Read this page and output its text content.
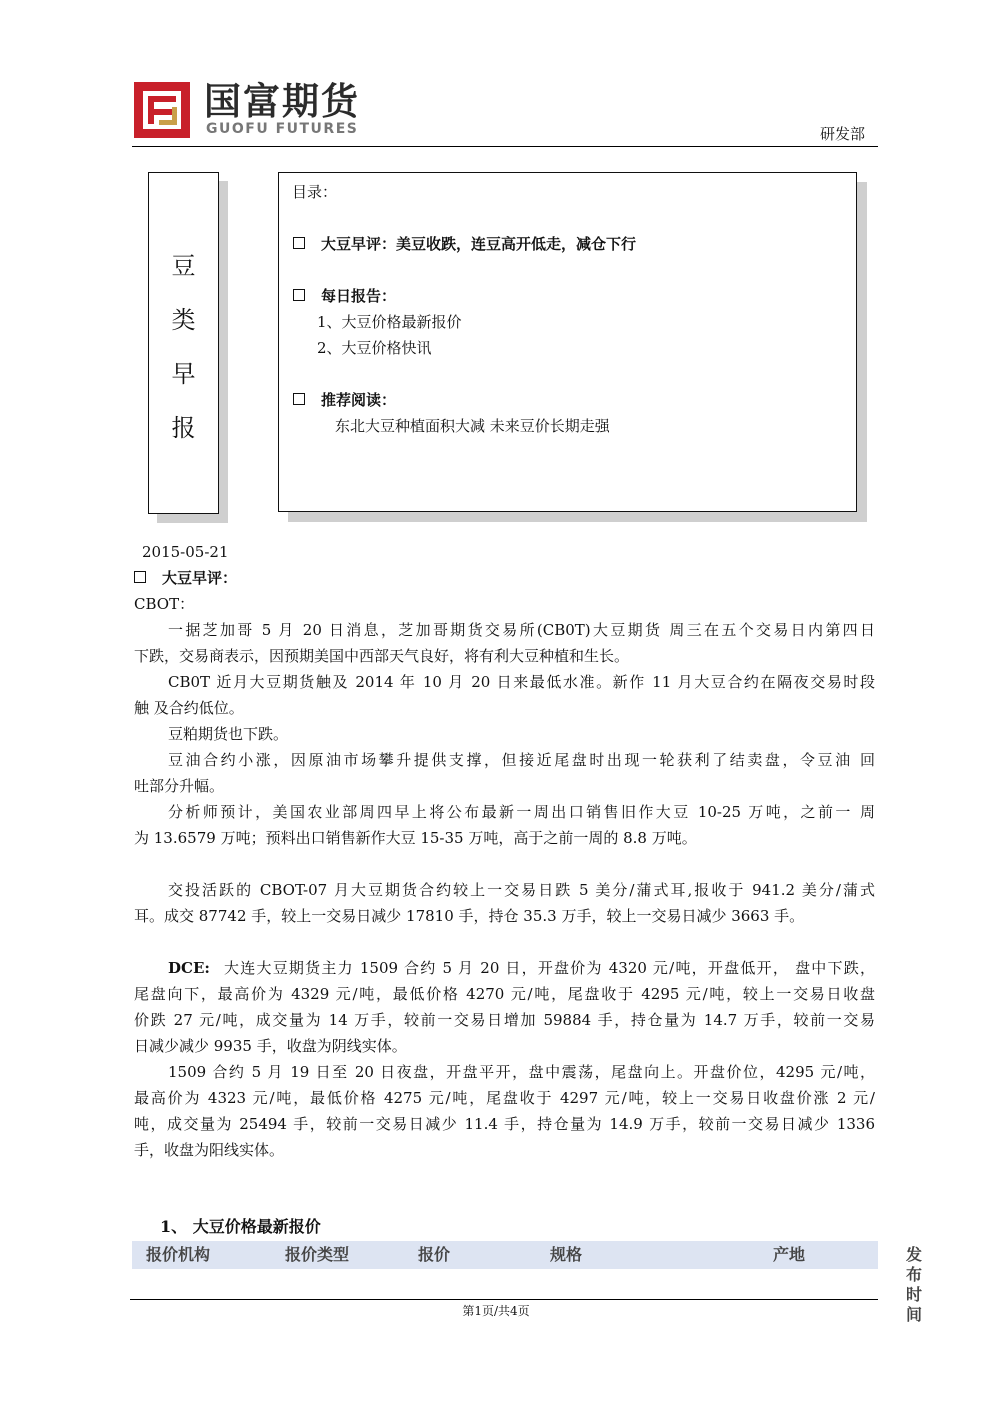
国富期货
GUOFU FUTURES	研发部
豆
类
早
报
目录：
大豆早评：美豆收跌，连豆高开低走，减仓下行
每日报告：
1、大豆价格最新报价
2、大豆价格快讯
推荐阅读：
东北大豆种植面积大减 未来豆价长期走强
2015-05-21
大豆早评：
CBOT：
一据芝加哥 5 月 20 日消息，芝加哥期货交易所(CB0T)大豆期货 周三在五个交易日内第四日
下跌，交易商表示，因预期美国中西部天气良好，将有利大豆种植和生长。
CB0T 近月大豆期货触及 2014 年 10 月 20 日来最低水准。新作 11 月大豆合约在隔夜交易时段
触 及合约低位。
豆粕期货也下跌。
豆油合约小涨，因原油市场攀升提供支撑，但接近尾盘时出现一轮获利了结卖盘，令豆油 回
吐部分升幅。
分析师预计，美国农业部周四早上将公布最新一周出口销售旧作大豆 10-25 万吨，之前一 周
为 13.6579 万吨；预料出口销售新作大豆 15-35 万吨，高于之前一周的 8.8 万吨。
交投活跃的 CBOT-07 月大豆期货合约较上一交易日跌 5 美分/蒲式耳,报收于 941.2 美分/蒲式
耳。成交 87742 手，较上一交易日减少 17810 手，持仓 35.3 万手，较上一交易日减少 3663 手。
DCE: 大连大豆期货主力 1509 合约 5 月 20 日，开盘价为 4320 元/吨，开盘低开， 盘中下跌，
尾盘向下，最高价为 4329 元/吨，最低价格 4270 元/吨，尾盘收于 4295 元/吨，较上一交易日收盘
价跌 27 元/吨，成交量为 14 万手，较前一交易日增加 59884 手，持仓量为 14.7 万手，较前一交易
日减少减少 9935 手，收盘为阴线实体。
1509 合约 5 月 19 日至 20 日夜盘，开盘平开，盘中震荡，尾盘向上。开盘价位，4295 元/吨，
最高价为 4323 元/吨，最低价格 4275 元/吨，尾盘收于 4297 元/吨，较上一交易日收盘价涨 2 元/
吨，成交量为 25494 手，较前一交易日减少 11.4 手，持仓量为 14.9 万手，较前一交易日减少 1336
手，收盘为阳线实体。
1、 大豆价格最新报价
报价机构	报价类型	报价	规格	产地	发布时间
第1页/共4页
